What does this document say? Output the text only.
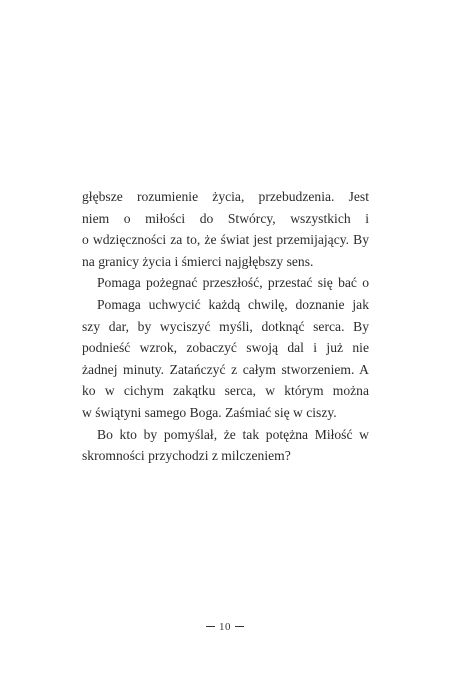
głębsze rozumienie życia, przebudzenia. Jest
niem o miłości do Stwórcy, wszystkich i
o wdzięczności za to, że świat jest przemijający. By
na granicy życia i śmierci najgłębszy sens.
Pomaga pożegnać przeszłość, przestać się bać o
Pomaga uchwycić każdą chwilę, doznanie jak
szy dar, by wyciszyć myśli, dotknąć serca. By
podnieść wzrok, zobaczyć swoją dal i już nie
żadnej minuty. Zatańczyć z całym stworzeniem. A
ko w cichym zakątku serca, w którym można
w świątyni samego Boga. Zaśmiać się w ciszy.
Bo kto by pomyślał, że tak potężna Miłość w
skromności przychodzi z milczeniem?
10
